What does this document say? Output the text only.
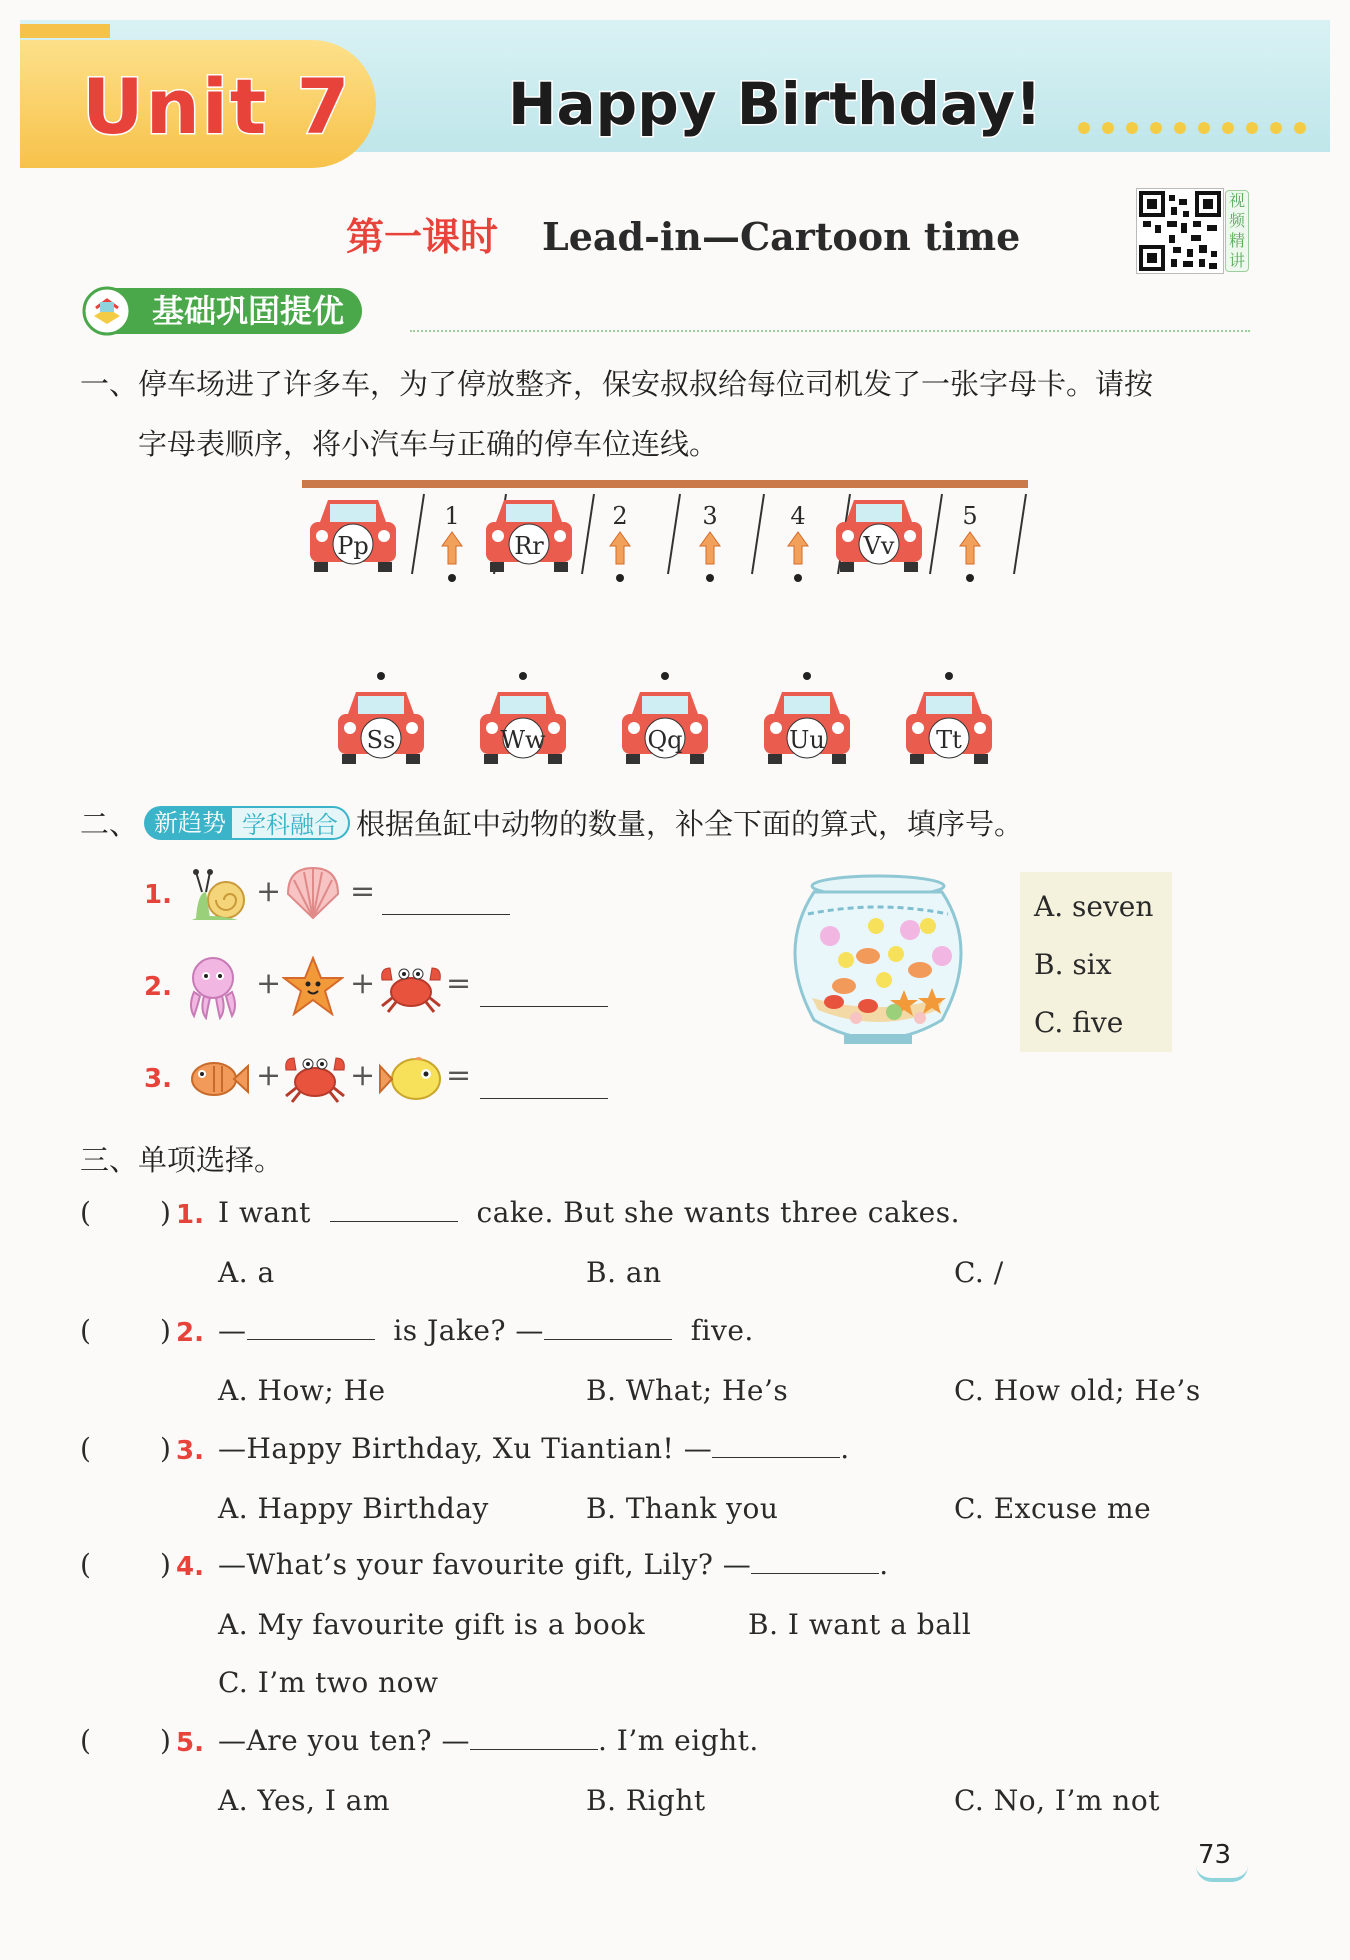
Unit 7	Happy Birthday!
第一课时 Lead-in—Cartoon time
视频精讲
基础巩固提优
一、停车场进了许多车，为了停放整齐，保安叔叔给每位司机发了一张字母卡。请按
字母表顺序，将小汽车与正确的停车位连线。
Pp	Rr	Vv
1	2	3	4	5
Ss	Ww	Qq	Uu	Tt
二、 新趋势 学科融合 根据鱼缸中动物的数量，补全下面的算式，填序号。
1.	+ =
2.	+ + =
3.	+ + =
A. seven
B. six
C. five
三、单项选择。
( ) 1. I want	cake. But she wants three cakes.
A. a	B. an	C. /
( ) 2. —	is Jake? —	five.
A. How; He	B. What; He’s	C. How old; He’s
( ) 3. —Happy Birthday, Xu Tiantian! —	.
A. Happy Birthday	B. Thank you	C. Excuse me
( ) 4. —What’s your favourite gift, Lily? —	.
A. My favourite gift is a book	B. I want a ball
C. I’m two now
( ) 5. —Are you ten? —	. I’m eight.
A. Yes, I am	B. Right	C. No, I’m not
73
